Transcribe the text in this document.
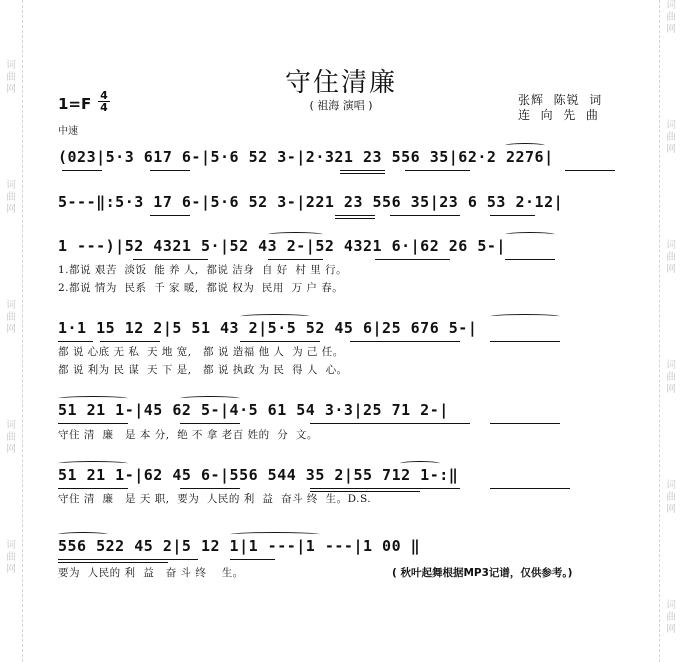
词
曲
网
词
曲
网
词
曲
网
词
曲
网
词
曲
网
词
曲
网
词
曲
网
词
曲
网
词
曲
网
词
曲
网
词
曲
网
守住清廉
( 祖海 演唱 )
1=F 4
4
中速
张辉  陈锐  词
连  向  先  曲
(023|5·3 617 6-|5·6 52 3-|2·321 23 556 35|62·2 2276|
5---‖:5·3 17 6-|5·6 52 3-|221 23 556 35|23 6 53 2·12|
1 ---)|52 4321 5·|52 43 2-|52 4321 6·|62 26 5-|
1.都说 艰苦  淡饭  能 养 人,  都说 洁身  自 好  村 里 行。
2.都说 情为  民系  千 家 暖,  都说 权为  民用  万 户 春。
1·1 15 12 2|5 51 43 2|5·5 52 45 6|25 676 5-|
都 说 心底 无 私  天 地 宽,   都 说 造福 他 人  为 己 任。
都 说 利为 民 谋  天 下 是,   都 说 执政 为 民  得 人  心。
51 21 1-|45 62 5-|4·5 61 54 3·3|25 71 2-|
守住 清  廉   是 本 分,  绝 不 拿 老百 姓的  分  文。
51 21 1-|62 45 6-|556 544 35 2|55 712 1-:‖
守住 清  廉   是 天 职,  要为  人民的 利  益  奋斗 终  生。D.S.
556 522 45 2|5 12 1|1 ---|1 ---|1 00 ‖
要为  人民的 利  益   奋 斗 终    生。	( 秋叶起舞根据MP3记谱，仅供参考。)
